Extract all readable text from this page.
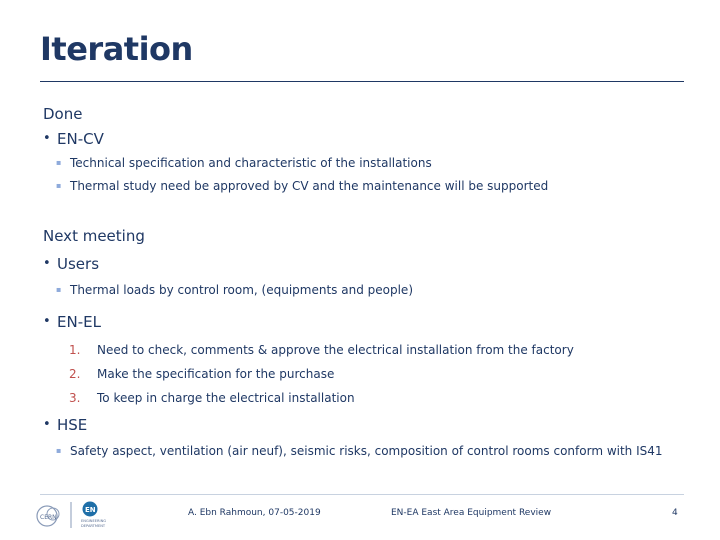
Iteration
Done
• EN-CV
▪ Technical specification and characteristic of the installations
▪ Thermal study need be approved by CV and the maintenance will be supported
Next meeting
• Users
▪ Thermal loads by control room, (equipments and people)
• EN-EL
1. Need to check, comments & approve the electrical installation from the factory
2. Make the specification for the purchase
3. To keep in charge the electrical installation
• HSE
▪ Safety aspect, ventilation (air neuf), seismic risks, composition of control rooms conform with IS41
CERN
EN
ENGINEERING
DEPARTMENT
A. Ebn Rahmoun, 07-05-2019	EN-EA East Area Equipment Review	4
